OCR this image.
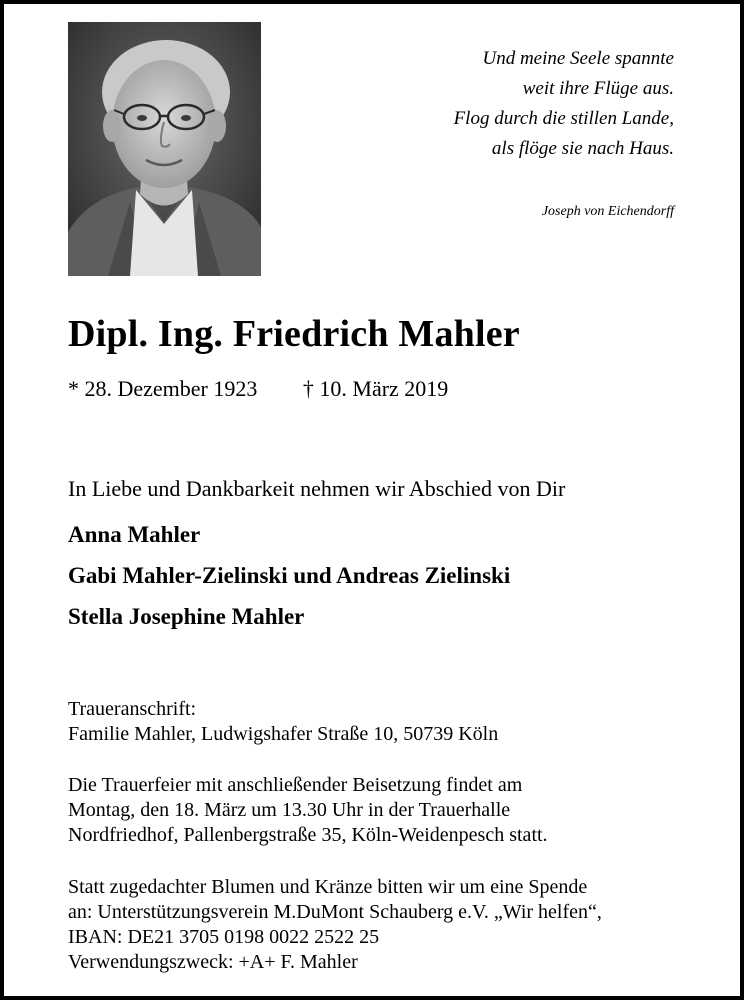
Und meine Seele spannte
weit ihre Flüge aus.
Flog durch die stillen Lande,
als flöge sie nach Haus.
Joseph von Eichendorff
Dipl. Ing. Friedrich Mahler
* 28. Dezember 1923 † 10. März 2019
In Liebe und Dankbarkeit nehmen wir Abschied von Dir
Anna Mahler
Gabi Mahler-Zielinski und Andreas Zielinski
Stella Josephine Mahler
Traueranschrift:
Familie Mahler, Ludwigshafer Straße 10, 50739 Köln
Die Trauerfeier mit anschließender Beisetzung findet am
Montag, den 18. März um 13.30 Uhr in der Trauerhalle
Nordfriedhof, Pallenbergstraße 35, Köln-Weidenpesch statt.
Statt zugedachter Blumen und Kränze bitten wir um eine Spende
an: Unterstützungsverein M.DuMont Schauberg e.V. „Wir helfen“,
IBAN: DE21 3705 0198 0022 2522 25
Verwendungszweck: +A+ F. Mahler
